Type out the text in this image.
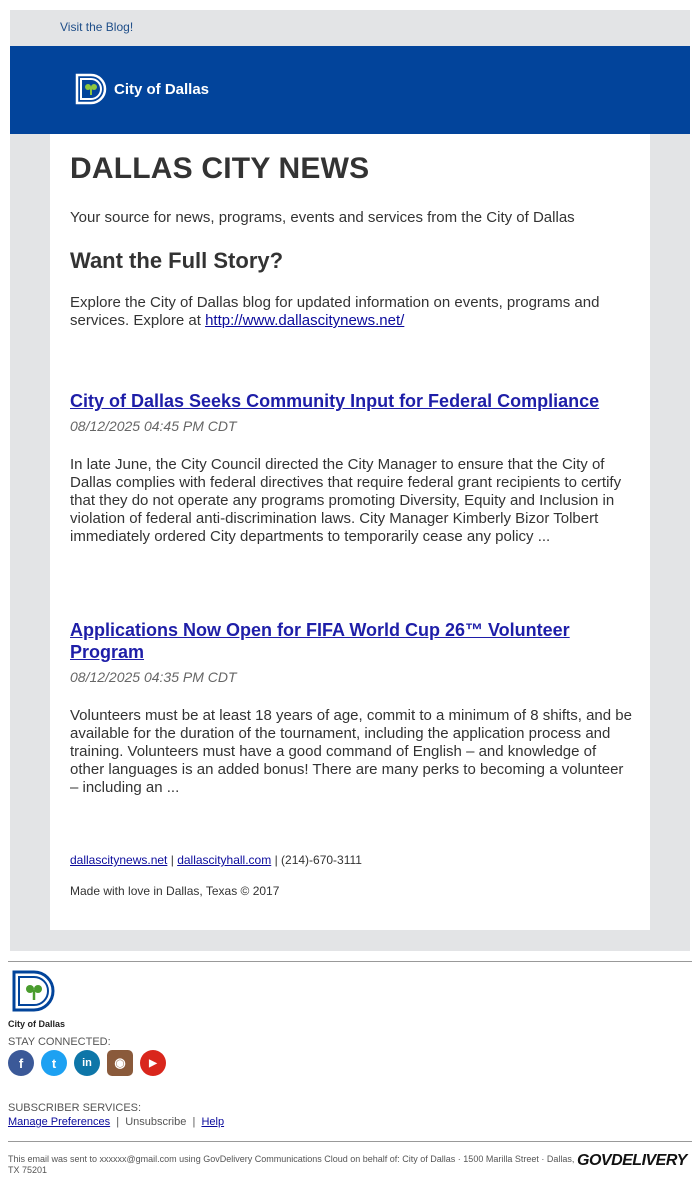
Visit the Blog!
City of Dallas
DALLAS CITY NEWS
Your source for news, programs, events and services from the City of Dallas
Want the Full Story?
Explore the City of Dallas blog for updated information on events, programs and services. Explore at http://www.dallascitynews.net/
City of Dallas Seeks Community Input for Federal Compliance
08/12/2025 04:45 PM CDT
In late June, the City Council directed the City Manager to ensure that the City of Dallas complies with federal directives that require federal grant recipients to certify that they do not operate any programs promoting Diversity, Equity and Inclusion in violation of federal anti-discrimination laws. City Manager Kimberly Bizor Tolbert immediately ordered City departments to temporarily cease any policy ...
Applications Now Open for FIFA World Cup 26™ Volunteer Program
08/12/2025 04:35 PM CDT
Volunteers must be at least 18 years of age, commit to a minimum of 8 shifts, and be available for the duration of the tournament, including the application process and training. Volunteers must have a good command of English – and knowledge of other languages is an added bonus! There are many perks to becoming a volunteer – including an ...
dallascitynews.net | dallascityhall.com | (214)-670-3111
Made with love in Dallas, Texas © 2017
City of Dallas
STAY CONNECTED:
f	t	in	◉	▶
SUBSCRIBER SERVICES:
Manage Preferences  |  Unsubscribe  |  Help
This email was sent to xxxxxx@gmail.com using GovDelivery Communications Cloud on behalf of: City of Dallas · 1500 Marilla Street · Dallas, TX 75201
GOVDELIVERY
